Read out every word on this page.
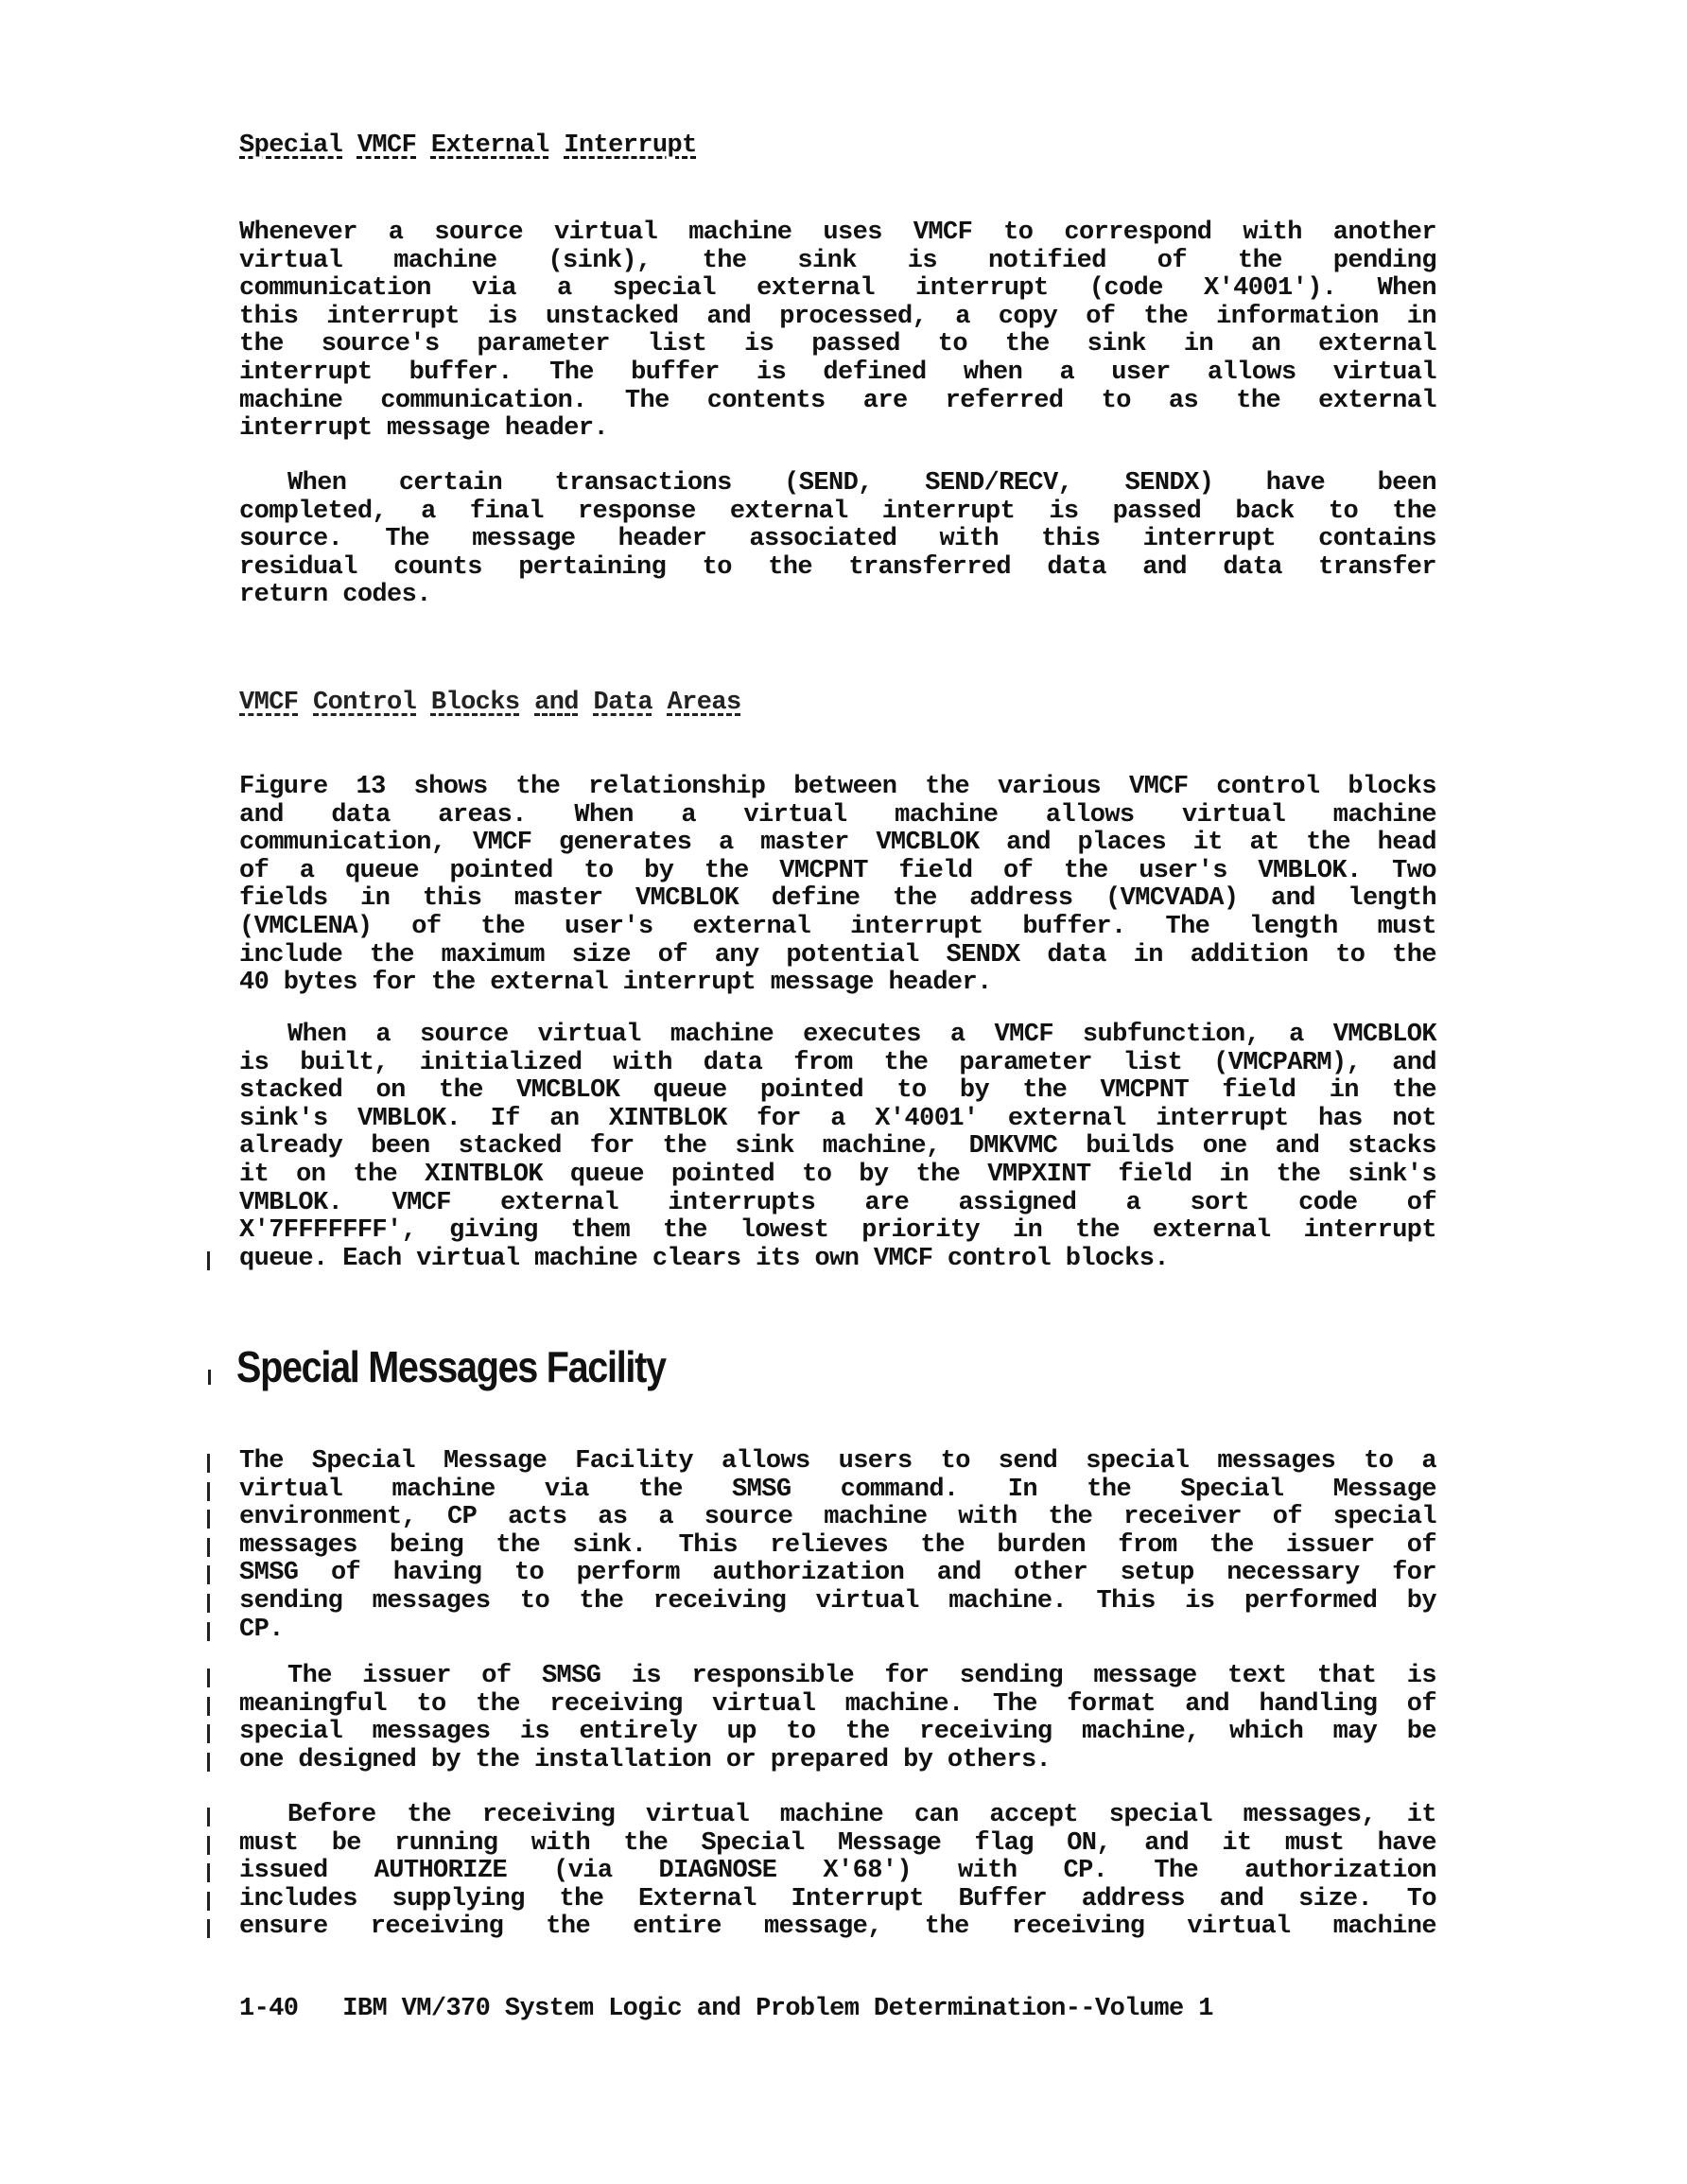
Special VMCF External Interrupt
Whenever a source virtual machine uses VMCF to correspond with another
virtual machine (sink), the sink is notified of the pending
communication via a special external interrupt (code X'4001'). When
this interrupt is unstacked and processed, a copy of the information in
the source's parameter list is passed to the sink in an external
interrupt buffer. The buffer is defined when a user allows virtual
machine communication. The contents are referred to as the external
interrupt message header.
When certain transactions (SEND, SEND/RECV, SENDX) have been
completed, a final response external interrupt is passed back to the
source. The message header associated with this interrupt contains
residual counts pertaining to the transferred data and data transfer
return codes.
VMCF Control Blocks and Data Areas
Figure 13 shows the relationship between the various VMCF control blocks
and data areas. When a virtual machine allows virtual machine
communication, VMCF generates a master VMCBLOK and places it at the head
of a queue pointed to by the VMCPNT field of the user's VMBLOK. Two
fields in this master VMCBLOK define the address (VMCVADA) and length
(VMCLENA) of the user's external interrupt buffer. The length must
include the maximum size of any potential SENDX data in addition to the
40 bytes for the external interrupt message header.
When a source virtual machine executes a VMCF subfunction, a VMCBLOK
is built, initialized with data from the parameter list (VMCPARM), and
stacked on the VMCBLOK queue pointed to by the VMCPNT field in the
sink's VMBLOK. If an XINTBLOK for a X'4001' external interrupt has not
already been stacked for the sink machine, DMKVMC builds one and stacks
it on the XINTBLOK queue pointed to by the VMPXINT field in the sink's
VMBLOK. VMCF external interrupts are assigned a sort code of
X'7FFFFFFF', giving them the lowest priority in the external interrupt
queue. Each virtual machine clears its own VMCF control blocks.
Special Messages Facility
The Special Message Facility allows users to send special messages to a
virtual machine via the SMSG command. In the Special Message
environment, CP acts as a source machine with the receiver of special
messages being the sink. This relieves the burden from the issuer of
SMSG of having to perform authorization and other setup necessary for
sending messages to the receiving virtual machine. This is performed by
CP.
The issuer of SMSG is responsible for sending message text that is
meaningful to the receiving virtual machine. The format and handling of
special messages is entirely up to the receiving machine, which may be
one designed by the installation or prepared by others.
Before the receiving virtual machine can accept special messages, it
must be running with the Special Message flag ON, and it must have
issued AUTHORIZE (via DIAGNOSE X'68') with CP. The authorization
includes supplying the External Interrupt Buffer address and size. To
ensure receiving the entire message, the receiving virtual machine
1-40 IBM VM/370 System Logic and Problem Determination--Volume 1
